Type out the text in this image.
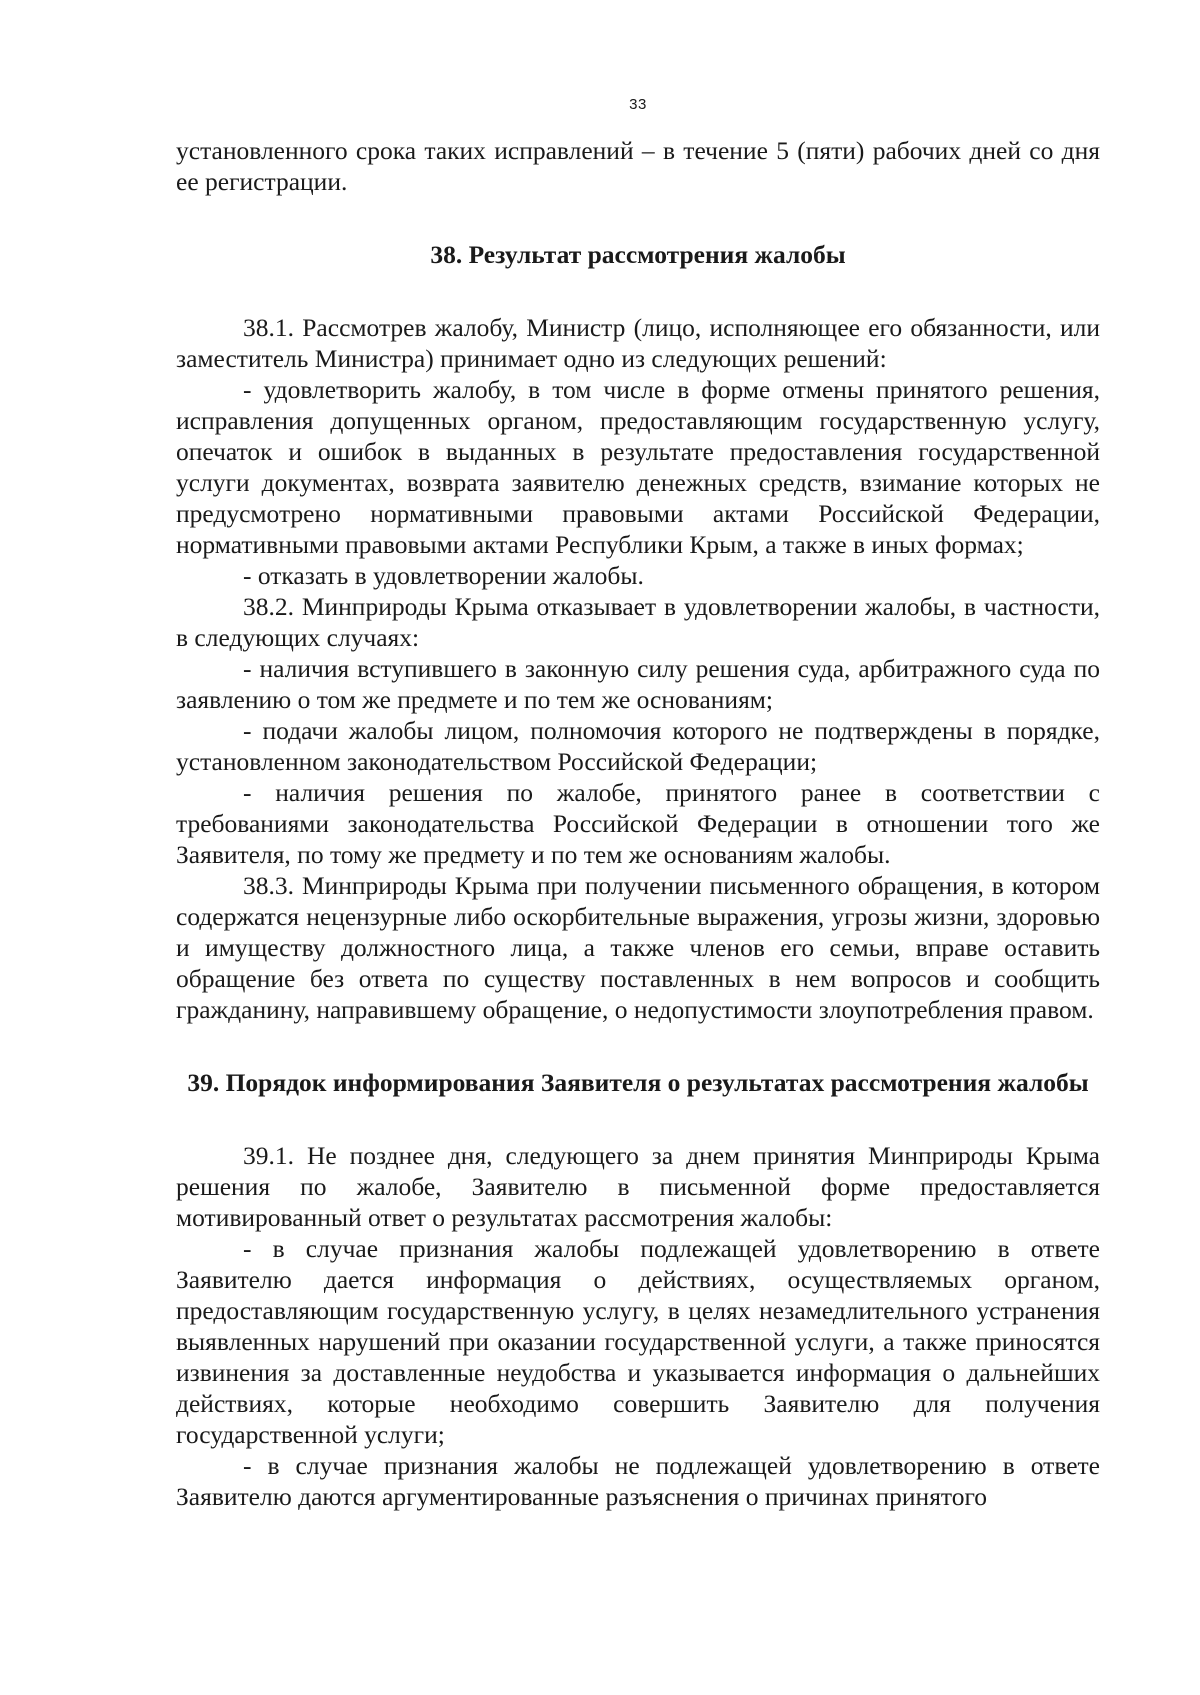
33

установленного срока таких исправлений – в течение 5 (пяти) рабочих дней со дня ее регистрации.

38. Результат рассмотрения жалобы

38.1. Рассмотрев жалобу, Министр (лицо, исполняющее его обязанности, или заместитель Министра) принимает одно из следующих решений:

- удовлетворить жалобу, в том числе в форме отмены принятого решения, исправления допущенных органом, предоставляющим государственную услугу, опечаток и ошибок в выданных в результате предоставления государственной услуги документах, возврата заявителю денежных средств, взимание которых не предусмотрено нормативными правовыми актами Российской Федерации, нормативными правовыми актами Республики Крым, а также в иных формах;

- отказать в удовлетворении жалобы.

38.2. Минприроды Крыма отказывает в удовлетворении жалобы, в частности, в следующих случаях:

- наличия вступившего в законную силу решения суда, арбитражного суда по заявлению о том же предмете и по тем же основаниям;

- подачи жалобы лицом, полномочия которого не подтверждены в порядке, установленном законодательством Российской Федерации;

- наличия решения по жалобе, принятого ранее в соответствии с требованиями законодательства Российской Федерации в отношении того же Заявителя, по тому же предмету и по тем же основаниям жалобы.

38.3. Минприроды Крыма при получении письменного обращения, в котором содержатся нецензурные либо оскорбительные выражения, угрозы жизни, здоровью и имуществу должностного лица, а также членов его семьи, вправе оставить обращение без ответа по существу поставленных в нем вопросов и сообщить гражданину, направившему обращение, о недопустимости злоупотребления правом.

39. Порядок информирования Заявителя о результатах рассмотрения жалобы

39.1. Не позднее дня, следующего за днем принятия Минприроды Крыма решения по жалобе, Заявителю в письменной форме предоставляется мотивированный ответ о результатах рассмотрения жалобы:

- в случае признания жалобы подлежащей удовлетворению в ответе Заявителю дается информация о действиях, осуществляемых органом, предоставляющим государственную услугу, в целях незамедлительного устранения выявленных нарушений при оказании государственной услуги, а также приносятся извинения за доставленные неудобства и указывается информация о дальнейших действиях, которые необходимо совершить Заявителю для получения государственной услуги;

- в случае признания жалобы не подлежащей удовлетворению в ответе Заявителю даются аргументированные разъяснения о причинах принятого
